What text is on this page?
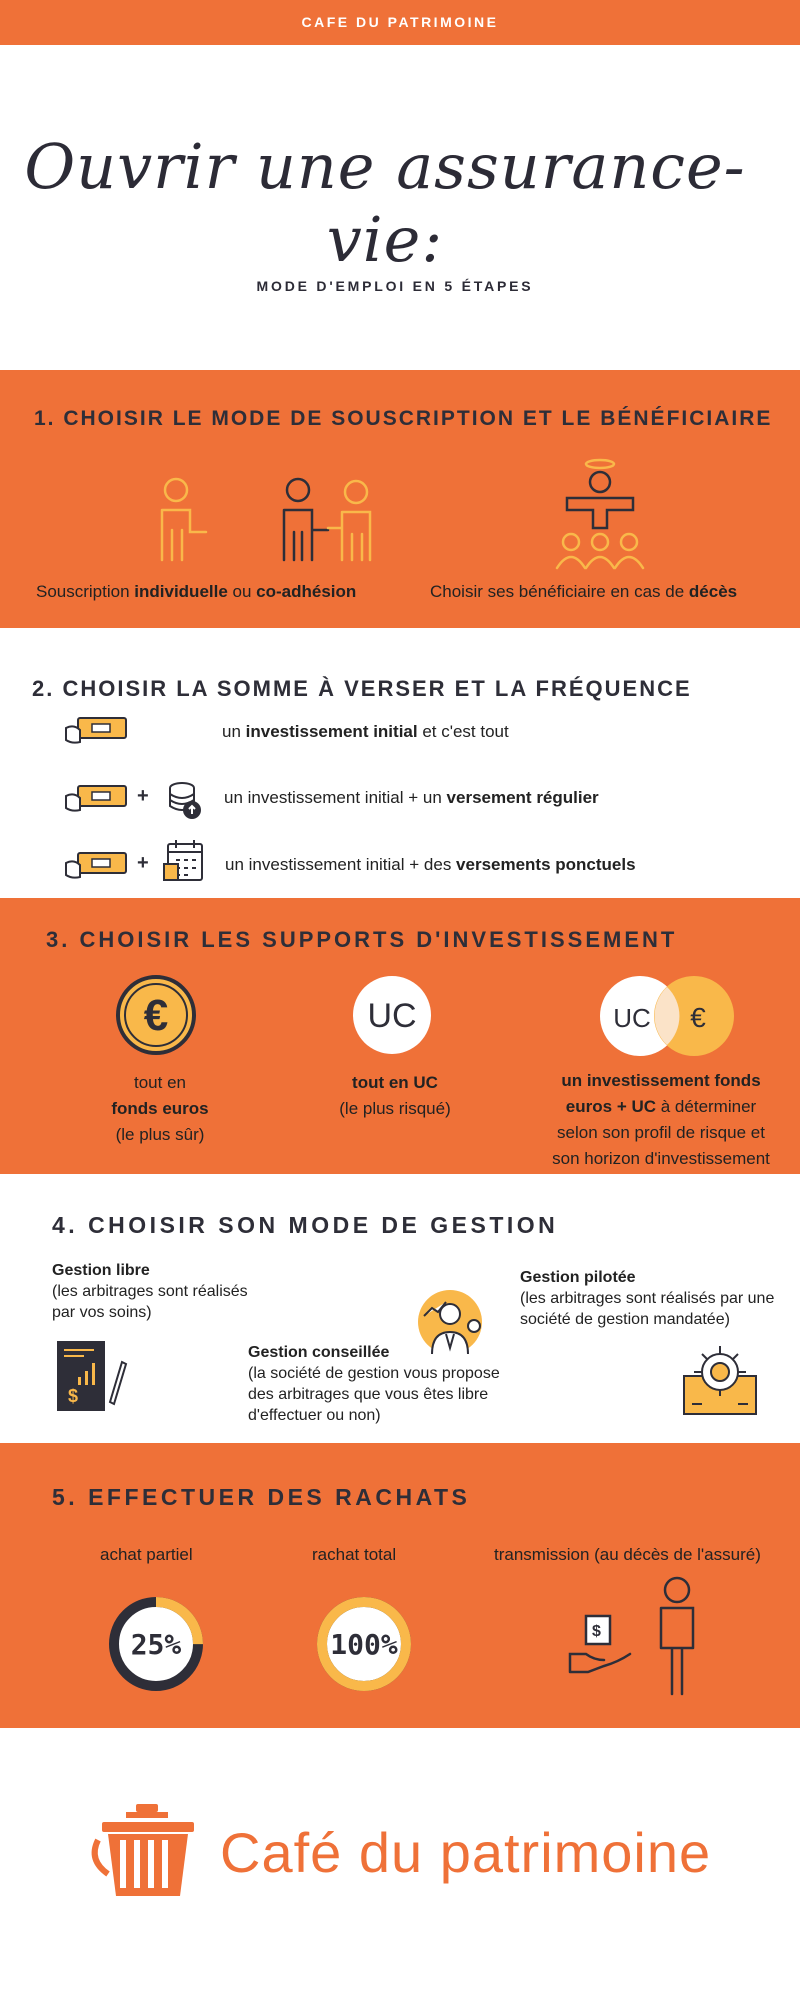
CAFE DU PATRIMOINE
Ouvrir une assurance-vie:
MODE D'EMPLOI EN 5 ÉTAPES
1. CHOISIR LE MODE DE SOUSCRIPTION ET LE BÉNÉFICIAIRE
Souscription individuelle ou co-adhésion	Choisir ses bénéficiaire en cas de décès
2. CHOISIR LA SOMME À VERSER ET LA FRÉQUENCE
un investissement initial et c'est tout
+	un investissement initial + un versement régulier
+	un investissement initial + des versements ponctuels
3. CHOISIR LES SUPPORTS D'INVESTISSEMENT
€	UC	UC €
tout en
fonds euros
(le plus sûr)
tout en UC
(le plus risqué)
un investissement fonds
euros + UC à déterminer
selon son profil de risque et
son horizon d'investissement
4. CHOISIR SON MODE DE GESTION
Gestion libre
(les arbitrages sont réalisés par vos soins)
$
Gestion conseillée
(la société de gestion vous propose des arbitrages que vous êtes libre d'effectuer ou non)
Gestion pilotée
(les arbitrages sont réalisés par une société de gestion mandatée)
5. EFFECTUER DES RACHATS
achat partiel	rachat total	transmission (au décès de l'assuré)
25%	100%	$
Café du patrimoine
